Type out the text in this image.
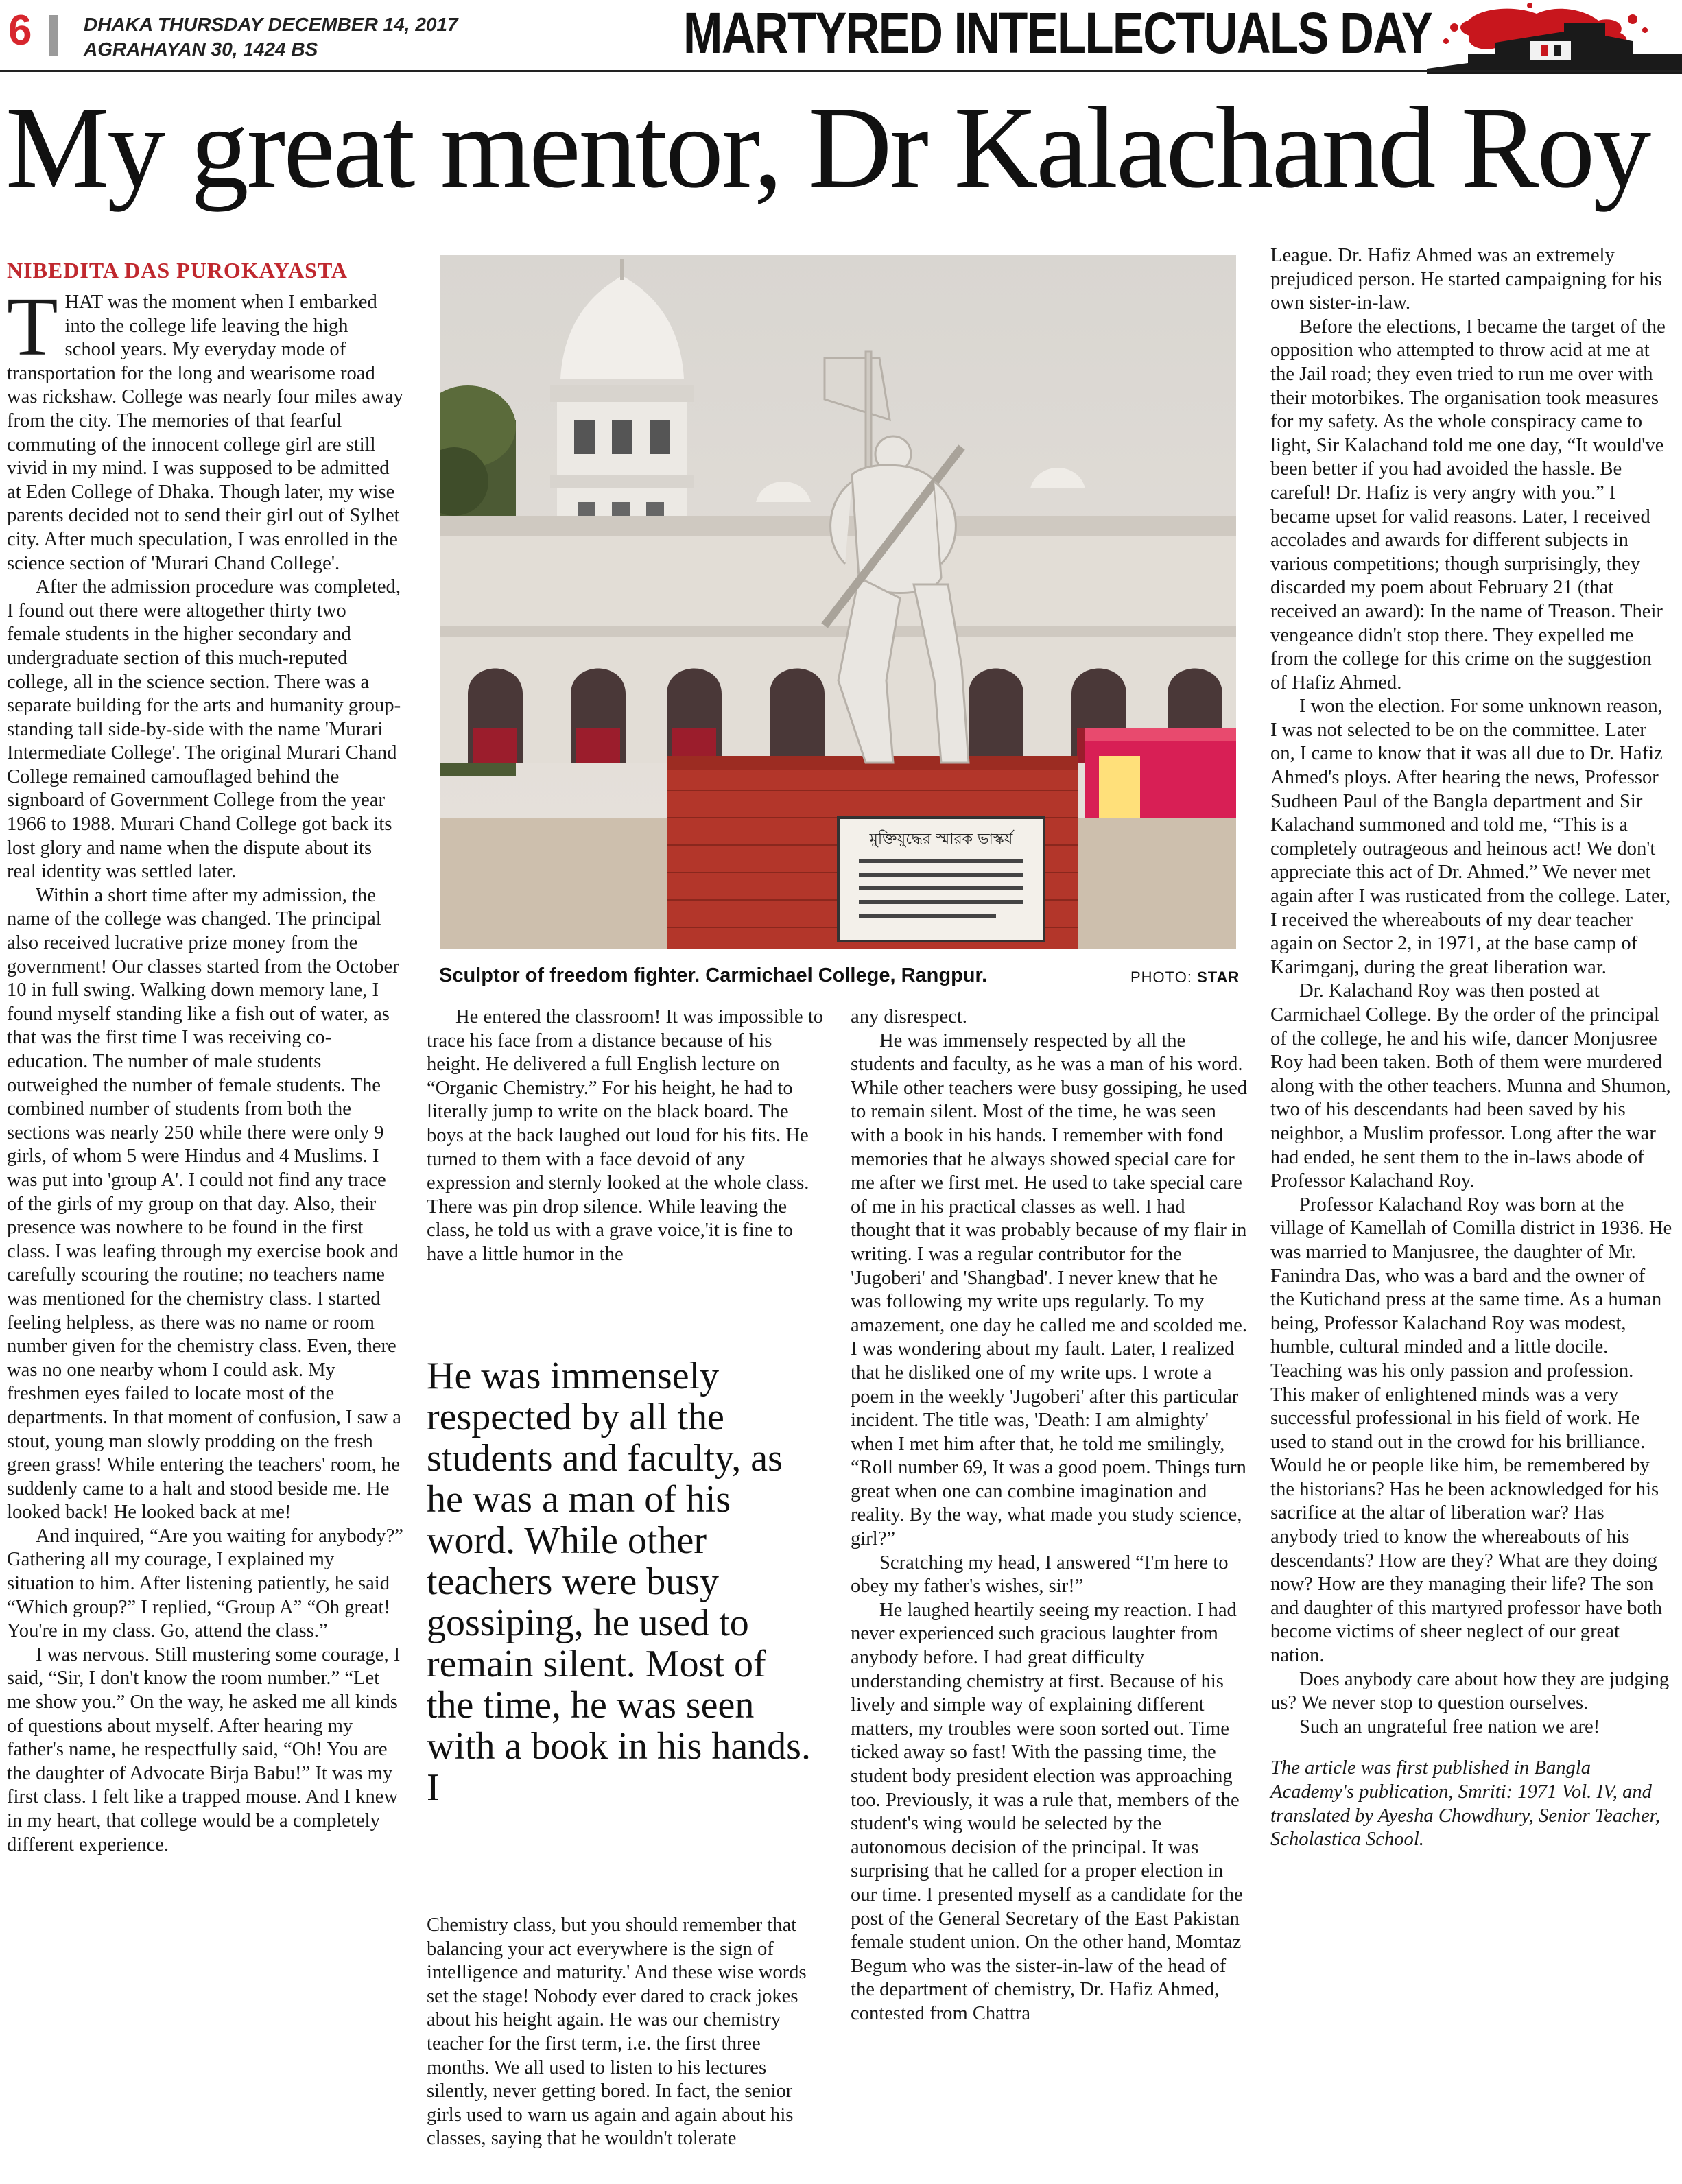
6	DHAKA THURSDAY DECEMBER 14, 2017
AGRAHAYAN 30, 1424 BS	MARTYRED INTELLECTUALS DAY
My great mentor, Dr Kalachand Roy
NIBEDITA DAS PUROKAYASTA

THAT was the moment when I embarked into the college life leaving the high school years. My everyday mode of transportation for the long and wearisome road was rickshaw. College was nearly four miles away from the city. The memories of that fearful commuting of the innocent college girl are still vivid in my mind. I was supposed to be admitted at Eden College of Dhaka. Though later, my wise parents decided not to send their girl out of Sylhet city. After much speculation, I was enrolled in the science section of 'Murari Chand College'.

After the admission procedure was completed, I found out there were altogether thirty two female students in the higher secondary and undergraduate section of this much-reputed college, all in the science section. There was a separate building for the arts and humanity group-standing tall side-by-side with the name 'Murari Intermediate College'. The original Murari Chand College remained camouflaged behind the signboard of Government College from the year 1966 to 1988. Murari Chand College got back its lost glory and name when the dispute about its real identity was settled later.

Within a short time after my admission, the name of the college was changed. The principal also received lucrative prize money from the government! Our classes started from the October 10 in full swing. Walking down memory lane, I found myself standing like a fish out of water, as that was the first time I was receiving co-education. The number of male students outweighed the number of female students. The combined number of students from both the sections was nearly 250 while there were only 9 girls, of whom 5 were Hindus and 4 Muslims. I was put into 'group A'. I could not find any trace of the girls of my group on that day. Also, their presence was nowhere to be found in the first class. I was leafing through my exercise book and carefully scouring the routine; no teachers name was mentioned for the chemistry class. I started feeling helpless, as there was no name or room number given for the chemistry class. Even, there was no one nearby whom I could ask. My freshmen eyes failed to locate most of the departments. In that moment of confusion, I saw a stout, young man slowly prodding on the fresh green grass! While entering the teachers' room, he suddenly came to a halt and stood beside me. He looked back! He looked back at me!

And inquired, “Are you waiting for anybody?” Gathering all my courage, I explained my situation to him. After listening patiently, he said “Which group?” I replied, “Group A” “Oh great! You're in my class. Go, attend the class.”

I was nervous. Still mustering some courage, I said, “Sir, I don't know the room number.” “Let me show you.” On the way, he asked me all kinds of questions about myself. After hearing my father's name, he respectfully said, “Oh! You are the daughter of Advocate Birja Babu!” It was my first class. I felt like a trapped mouse. And I knew in my heart, that college would be a completely different experience.

মুক্তিযুদ্ধের স্মারক ভাস্কর্য
Sculptor of freedom fighter. Carmichael College, Rangpur.	PHOTO: STAR

He entered the classroom! It was impossible to trace his face from a distance because of his height. He delivered a full English lecture on “Organic Chemistry.” For his height, he had to literally jump to write on the black board. The boys at the back laughed out loud for his fits. He turned to them with a face devoid of any expression and sternly looked at the whole class. There was pin drop silence. While leaving the class, he told us with a grave voice,'it is fine to have a little humor in the

He was immensely respected by all the students and faculty, as he was a man of his word. While other teachers were busy gossiping, he used to remain silent. Most of the time, he was seen with a book in his hands. I

Chemistry class, but you should remember that balancing your act everywhere is the sign of intelligence and maturity.' And these wise words set the stage! Nobody ever dared to crack jokes about his height again. He was our chemistry teacher for the first term, i.e. the first three months. We all used to listen to his lectures silently, never getting bored. In fact, the senior girls used to warn us again and again about his classes, saying that he wouldn't tolerate

any disrespect.

He was immensely respected by all the students and faculty, as he was a man of his word. While other teachers were busy gossiping, he used to remain silent. Most of the time, he was seen with a book in his hands. I remember with fond memories that he always showed special care for me after we first met. He used to take special care of me in his practical classes as well. I had thought that it was probably because of my flair in writing. I was a regular contributor for the 'Jugoberi' and 'Shangbad'. I never knew that he was following my write ups regularly. To my amazement, one day he called me and scolded me. I was wondering about my fault. Later, I realized that he disliked one of my write ups. I wrote a poem in the weekly 'Jugoberi' after this particular incident. The title was, 'Death: I am almighty' when I met him after that, he told me smilingly, “Roll number 69, It was a good poem. Things turn great when one can combine imagination and reality. By the way, what made you study science, girl?”

Scratching my head, I answered “I'm here to obey my father's wishes, sir!”

He laughed heartily seeing my reaction. I had never experienced such gracious laughter from anybody before. I had great difficulty understanding chemistry at first. Because of his lively and simple way of explaining different matters, my troubles were soon sorted out. Time ticked away so fast! With the passing time, the student body president election was approaching too. Previously, it was a rule that, members of the student's wing would be selected by the autonomous decision of the principal. It was surprising that he called for a proper election in our time. I presented myself as a candidate for the post of the General Secretary of the East Pakistan female student union. On the other hand, Momtaz Begum who was the sister-in-law of the head of the department of chemistry, Dr. Hafiz Ahmed, contested from Chattra

League. Dr. Hafiz Ahmed was an extremely prejudiced person. He started campaigning for his own sister-in-law.

Before the elections, I became the target of the opposition who attempted to throw acid at me at the Jail road; they even tried to run me over with their motorbikes. The organisation took measures for my safety. As the whole conspiracy came to light, Sir Kalachand told me one day, “It would've been better if you had avoided the hassle. Be careful! Dr. Hafiz is very angry with you.” I became upset for valid reasons. Later, I received accolades and awards for different subjects in various competitions; though surprisingly, they discarded my poem about February 21 (that received an award): In the name of Treason. Their vengeance didn't stop there. They expelled me from the college for this crime on the suggestion of Hafiz Ahmed.

I won the election. For some unknown reason, I was not selected to be on the committee. Later on, I came to know that it was all due to Dr. Hafiz Ahmed's ploys. After hearing the news, Professor Sudheen Paul of the Bangla department and Sir Kalachand summoned and told me, “This is a completely outrageous and heinous act! We don't appreciate this act of Dr. Ahmed.” We never met again after I was rusticated from the college. Later, I received the whereabouts of my dear teacher again on Sector 2, in 1971, at the base camp of Karimganj, during the great liberation war.

Dr. Kalachand Roy was then posted at Carmichael College. By the order of the principal of the college, he and his wife, dancer Monjusree Roy had been taken. Both of them were murdered along with the other teachers. Munna and Shumon, two of his descendants had been saved by his neighbor, a Muslim professor. Long after the war had ended, he sent them to the in-laws abode of Professor Kalachand Roy.

Professor Kalachand Roy was born at the village of Kamellah of Comilla district in 1936. He was married to Manjusree, the daughter of Mr. Fanindra Das, who was a bard and the owner of the Kutichand press at the same time. As a human being, Professor Kalachand Roy was modest, humble, cultural minded and a little docile. Teaching was his only passion and profession. This maker of enlightened minds was a very successful professional in his field of work. He used to stand out in the crowd for his brilliance. Would he or people like him, be remembered by the historians? Has he been acknowledged for his sacrifice at the altar of liberation war? Has anybody tried to know the whereabouts of his descendants? How are they? What are they doing now? How are they managing their life? The son and daughter of this martyred professor have both become victims of sheer neglect of our great nation.

Does anybody care about how they are judging us? We never stop to question ourselves.

Such an ungrateful free nation we are!

The article was first published in Bangla Academy's publication, Smriti: 1971 Vol. IV, and translated by Ayesha Chowdhury, Senior Teacher, Scholastica School.
